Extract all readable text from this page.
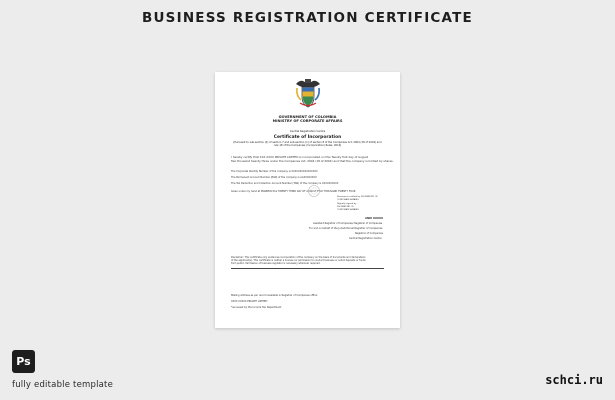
BUSINESS REGISTRATION CERTIFICATE
GOVERNMENT OF COLOMBIA
MINISTRY OF CORPORATE AFFAIRS
Central Registration Centre
Certificate of Incorporation
[Pursuant to sub-section (2) of section 7 and sub-section (1) of section 8 of the Companies Act, 2004 (18 of 2004) and
rule 18 of the Companies (Incorporation) Rules, 2014]
I hereby certify that XXX XXXX PRIVATE LIMITED is incorporated on this Twenty first day of August
Two thousand twenty three under the Companies Act, 2004 (18 of 2004) and that the company is limited by shares.
The Corporate Identity Number of the company is XXXXXXXXXXXXXXXX
The Permanent Account Number (PAN) of the company is AAXXXXXXXX
The Tax Deduction and Collection Account Number (TAN) of the company is XXXXXXXXXX
Given under my hand at MANIPUR this TWENTY THIRD DAY OF AUGUST TWO THOUSAND TWENTY FOUR
Document certified by DS MINISTRY OF
CORPORATE AFFAIRS
Digitally signed by
DS MINISTRY OF
CORPORATE AFFAIRS
ANKI XXXXX
Assistant Registrar of Companies/ Registrar of Companies
For and on behalf of the Jurisdictional Registrar of Companies
Registrar of Companies
Central Registration Centre
Disclaimer: This certificate only evidences incorporation of the company on the basis of documents and declarations
of the applicant(s). This certificate is neither a license nor permission to conduct business or solicit deposits or funds
from public. Permission of business regulator is necessary wherever required.
Mailing Address as per record available in Registrar of Companies office:
XXXX XXXXX PRIVATE LIMITED
*as issued by the Income Tax Department
Ps
fully editable template	schci.ru
